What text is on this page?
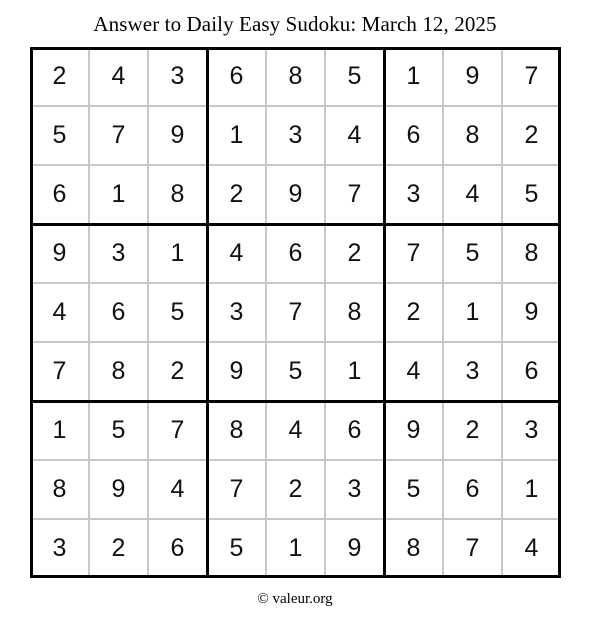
Answer to Daily Easy Sudoku: March 12, 2025
2	4	3	6	8	5	1	9	7
5	7	9	1	3	4	6	8	2
6	1	8	2	9	7	3	4	5
9	3	1	4	6	2	7	5	8
4	6	5	3	7	8	2	1	9
7	8	2	9	5	1	4	3	6
1	5	7	8	4	6	9	2	3
8	9	4	7	2	3	5	6	1
3	2	6	5	1	9	8	7	4
© valeur.org
